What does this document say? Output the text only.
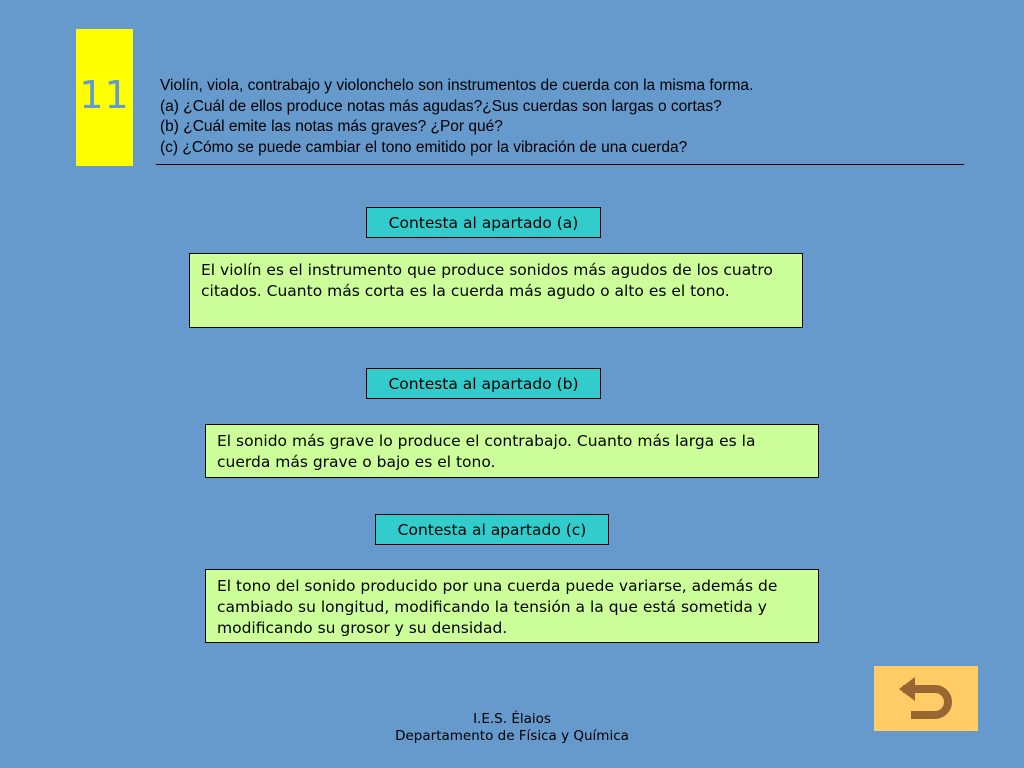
11 Violín, viola, contrabajo y violonchelo son instrumentos de cuerda con la misma forma.
(a) ¿Cuál de ellos produce notas más agudas?¿Sus cuerdas son largas o cortas?
(b) ¿Cuál emite las notas más graves? ¿Por qué?
(c) ¿Cómo se puede cambiar el tono emitido por la vibración de una cuerda?
Contesta al apartado (a)
El violín es el instrumento que produce sonidos más agudos de los cuatro citados. Cuanto más corta es la cuerda más agudo o alto es el tono.
Contesta al apartado (b)
El sonido más grave lo produce el contrabajo. Cuanto más larga es la cuerda más grave o bajo es el tono.
Contesta al apartado (c)
El tono del sonido producido por una cuerda puede variarse, además de cambiado su longitud, modificando la tensión a la que está sometida y modificando su grosor y su densidad.
I.E.S. Élaios
Departamento de Física y Química
